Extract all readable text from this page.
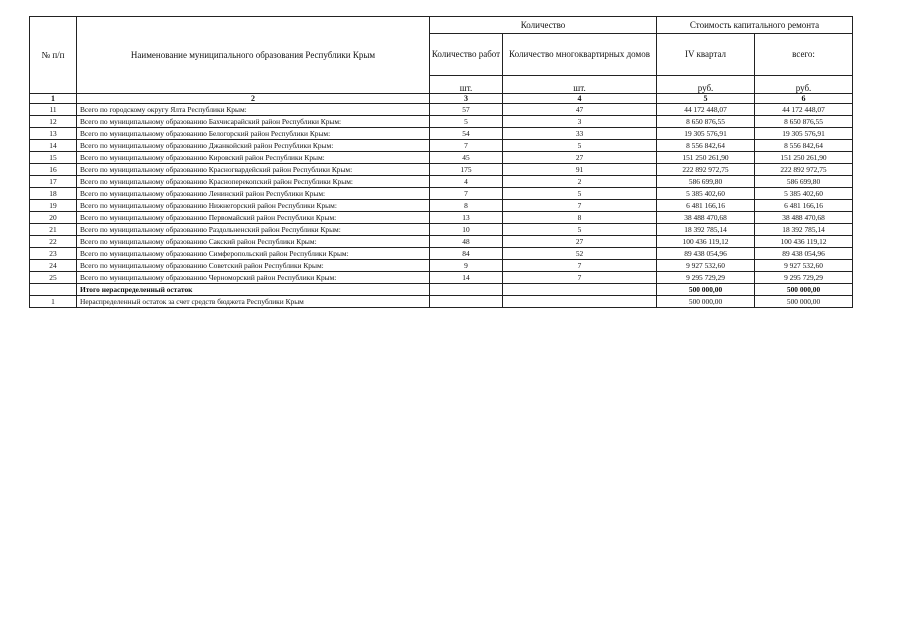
№ п/п	Наименование муниципального образования Республики Крым	Количество		Стоимость капитального ремонта	
		Количество работ	Количество многоквартирных домов	IV квартал	всего:
		шт.	шт.	руб.	руб.
1	2	3	4	5	6
11	Всего по городскому округу Ялта Республики Крым:	57	47	44 172 448,07	44 172 448,07
12	Всего по муниципальному образованию Бахчисарайский район Республики Крым:	5	3	8 650 876,55	8 650 876,55
13	Всего по муниципальному образованию Белогорский район Республики Крым:	54	33	19 305 576,91	19 305 576,91
14	Всего по муниципальному образованию Джанкойский район Республики Крым:	7	5	8 556 842,64	8 556 842,64
15	Всего по муниципальному образованию Кировский район Республики Крым:	45	27	151 250 261,90	151 250 261,90
16	Всего по муниципальному образованию Красногвардейский район Республики Крым:	175	91	222 892 972,75	222 892 972,75
17	Всего по муниципальному образованию Красноперекопский район Республики Крым:	4	2	586 699,80	586 699,80
18	Всего по муниципальному образованию Ленинский район Республики Крым:	7	5	5 385 402,60	5 385 402,60
19	Всего по муниципальному образованию Нижнегорский район Республики Крым:	8	7	6 481 166,16	6 481 166,16
20	Всего по муниципальному образованию Первомайский район Республики Крым:	13	8	38 488 470,68	38 488 470,68
21	Всего по муниципальному образованию Раздольненский район Республики Крым:	10	5	18 392 785,14	18 392 785,14
22	Всего по муниципальному образованию Сакский район Республики Крым:	48	27	100 436 119,12	100 436 119,12
23	Всего по муниципальному образованию Симферопольский район Республики Крым:	84	52	89 438 054,96	89 438 054,96
24	Всего по муниципальному образованию Советский район Республики Крым:	9	7	9 927 532,60	9 927 532,60
25	Всего по муниципальному образованию Черноморский район Республики Крым:	14	7	9 295 729,29	9 295 729,29
	Итого нераспределенный остаток			500 000,00	500 000,00
1	Нераспределенный остаток за счет средств бюджета Республики Крым			500 000,00	500 000,00
